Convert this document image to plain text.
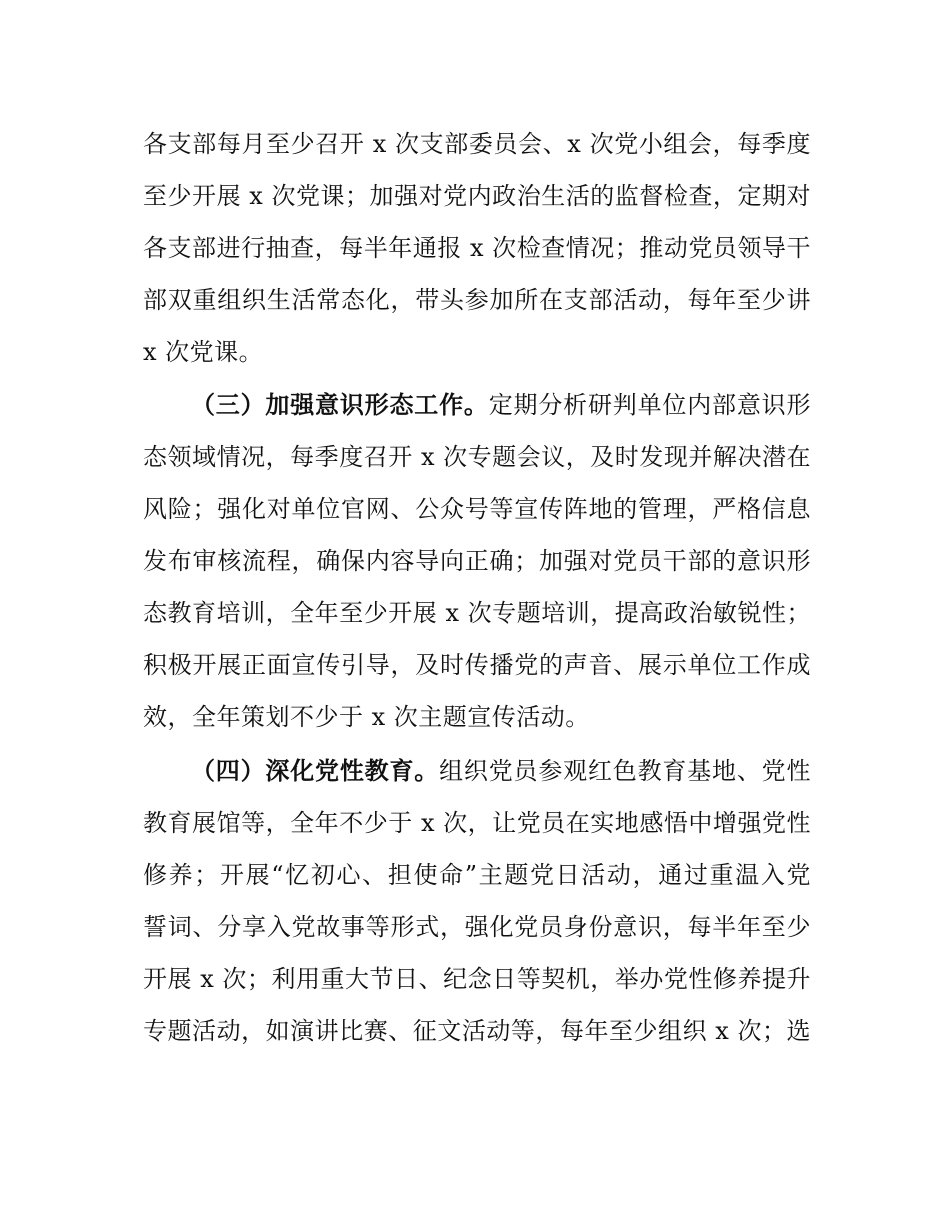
各支部每月至少召开 x 次支部委员会、x 次党小组会，每季度
至少开展 x 次党课；加强对党内政治生活的监督检查，定期对
各支部进行抽查，每半年通报 x 次检查情况；推动党员领导干
部双重组织生活常态化，带头参加所在支部活动，每年至少讲
x 次党课。
（三）加强意识形态工作。定期分析研判单位内部意识形
态领域情况，每季度召开 x 次专题会议，及时发现并解决潜在
风险；强化对单位官网、公众号等宣传阵地的管理，严格信息
发布审核流程，确保内容导向正确；加强对党员干部的意识形
态教育培训，全年至少开展 x 次专题培训，提高政治敏锐性；
积极开展正面宣传引导，及时传播党的声音、展示单位工作成
效，全年策划不少于 x 次主题宣传活动。
（四）深化党性教育。组织党员参观红色教育基地、党性
教育展馆等，全年不少于 x 次，让党员在实地感悟中增强党性
修养；开展“忆初心、担使命”主题党日活动，通过重温入党
誓词、分享入党故事等形式，强化党员身份意识，每半年至少
开展 x 次；利用重大节日、纪念日等契机，举办党性修养提升
专题活动，如演讲比赛、征文活动等，每年至少组织 x 次；选
